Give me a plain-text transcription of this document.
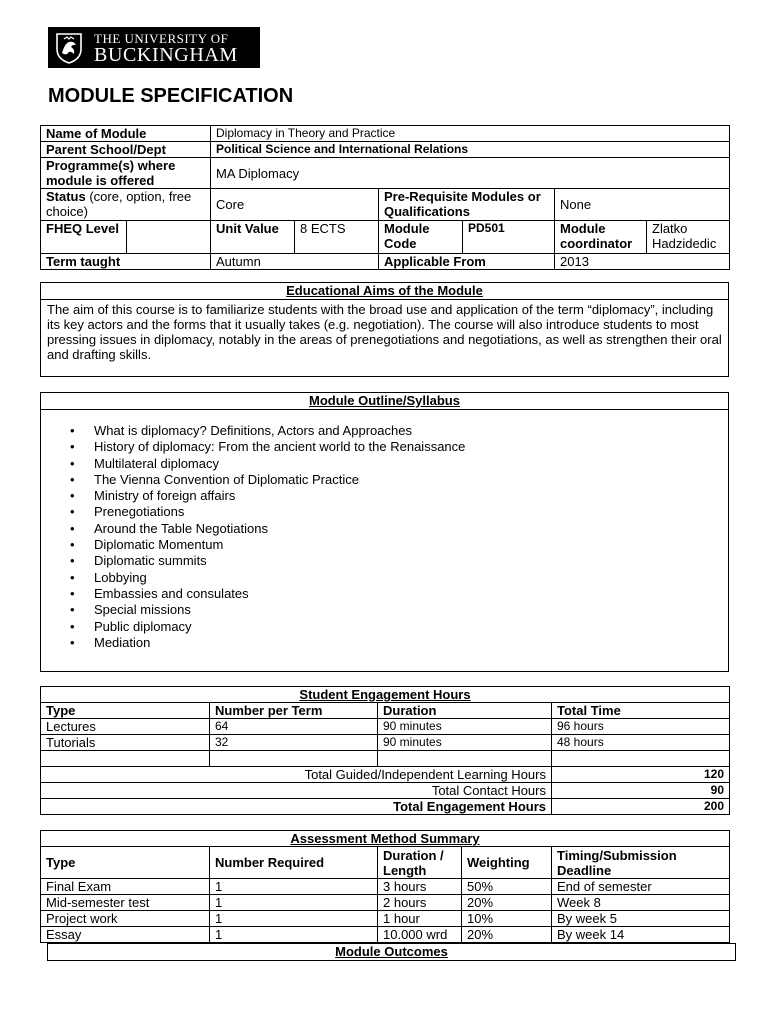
THE UNIVERSITY OF
BUCKINGHAM
MODULE SPECIFICATION
Name of Module		Diplomacy in Theory and Practice					
Parent School/Dept		Political Science and International Relations					
Programme(s) where module is offered		MA Diplomacy					
Status (core, option, free choice)		Core		Pre-Requisite Modules or Qualifications		None	
FHEQ Level		Unit Value	8 ECTS	Module Code	PD501	Module coordinator	Zlatko Hadzidedic
Term taught		Autumn		Applicable From		2013	
Educational Aims of the Module
The aim of this course is to familiarize students with the broad use and application of the term “diplomacy”, including its key actors and the forms that it usually takes (e.g. negotiation). The course will also introduce students to most pressing issues in diplomacy, notably in the areas of prenegotiations and negotiations, as well as strengthen their oral and drafting skills.
Module Outline/Syllabus
• What is diplomacy? Definitions, Actors and Approaches
• History of diplomacy: From the ancient world to the Renaissance
• Multilateral diplomacy
• The Vienna Convention of Diplomatic Practice
• Ministry of foreign affairs
• Prenegotiations
• Around the Table Negotiations
• Diplomatic Momentum
• Diplomatic summits
• Lobbying
• Embassies and consulates
• Special missions
• Public diplomacy
• Mediation
Student Engagement Hours			
Type	Number per Term	Duration	Total Time
Lectures	64	90 minutes	96 hours
Tutorials	32	90 minutes	48 hours

Total Guided/Independent Learning Hours			120
Total Contact Hours			90
Total Engagement Hours			200
Assessment Method Summary				
Type	Number Required	Duration / Length	Weighting	Timing/Submission Deadline
Final Exam	1	3 hours	50%	End of semester
Mid-semester test	1	2 hours	20%	Week 8
Project work	1	1 hour	10%	By week 5
Essay	1	10.000 wrd	20%	By week 14
Module Outcomes
